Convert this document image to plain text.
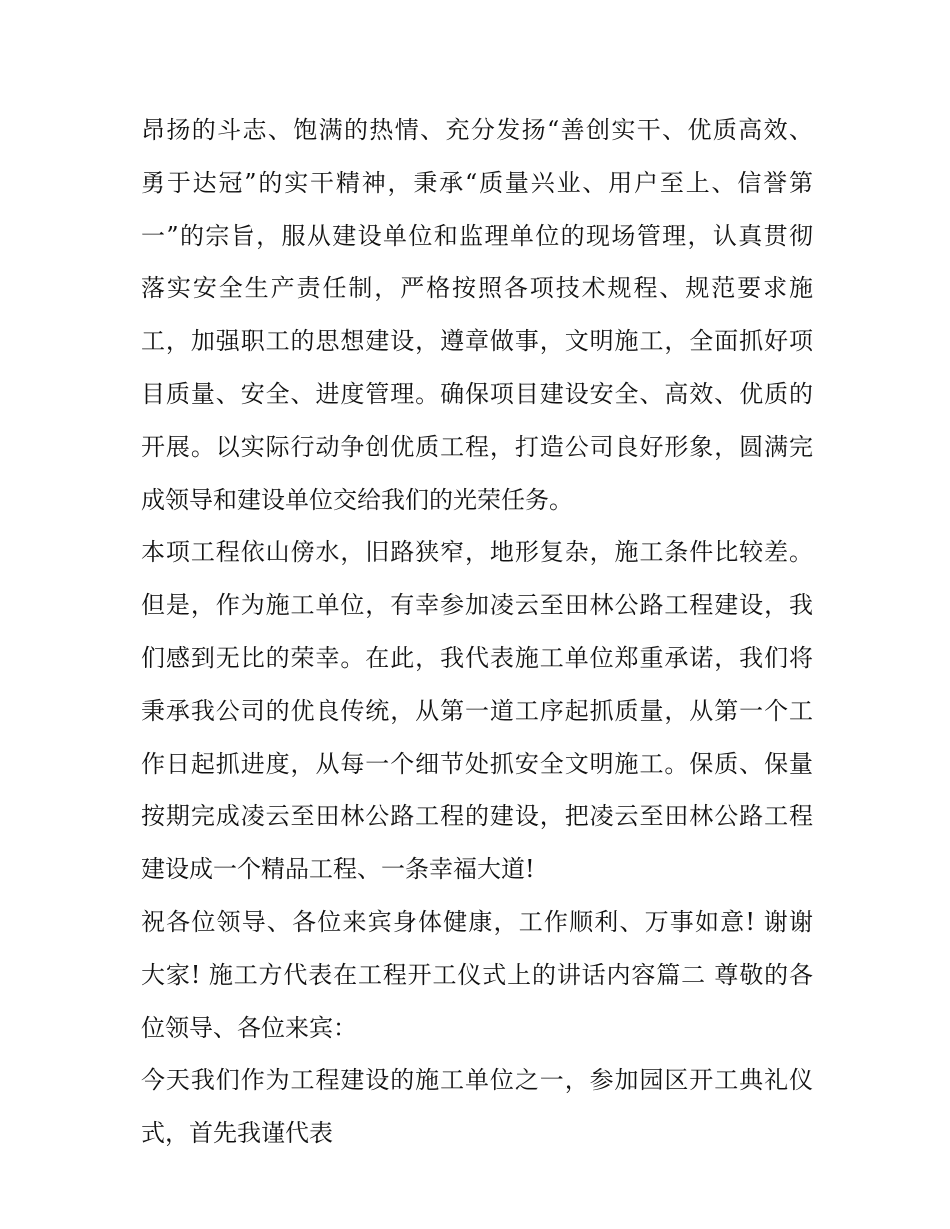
昂扬的斗志、饱满的热情、充分发扬“善创实干、优质高效、
勇于达冠”的实干精神，秉承“质量兴业、用户至上、信誉第
一”的宗旨，服从建设单位和监理单位的现场管理，认真贯彻
落实安全生产责任制，严格按照各项技术规程、规范要求施
工，加强职工的思想建设，遵章做事，文明施工，全面抓好项
目质量、安全、进度管理。确保项目建设安全、高效、优质的
开展。以实际行动争创优质工程，打造公司良好形象，圆满完
成领导和建设单位交给我们的光荣任务。
本项工程依山傍水，旧路狭窄，地形复杂，施工条件比较差。
但是，作为施工单位，有幸参加凌云至田林公路工程建设，我
们感到无比的荣幸。在此，我代表施工单位郑重承诺，我们将
秉承我公司的优良传统，从第一道工序起抓质量，从第一个工
作日起抓进度，从每一个细节处抓安全文明施工。保质、保量
按期完成凌云至田林公路工程的建设，把凌云至田林公路工程
建设成一个精品工程、一条幸福大道!
祝各位领导、各位来宾身体健康，工作顺利、万事如意! 谢谢
大家! 施工方代表在工程开工仪式上的讲话内容篇二 尊敬的各
位领导、各位来宾：
今天我们作为工程建设的施工单位之一，参加园区开工典礼仪
式，首先我谨代表
